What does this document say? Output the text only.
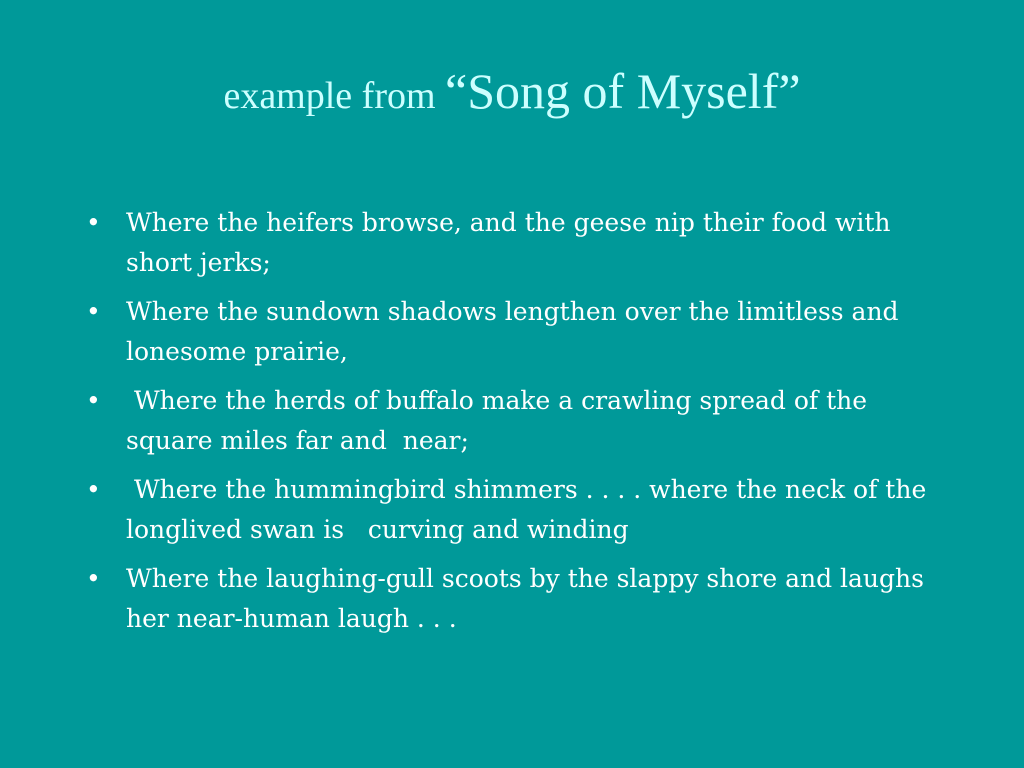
example from “Song of Myself”
• Where the heifers browse, and the geese nip their food with short jerks;
• Where the sundown shadows lengthen over the limitless and lonesome prairie,
• Where the herds of buffalo make a crawling spread of the square miles far and  near;
• Where the hummingbird shimmers . . . . where the neck of the longlived swan is   curving and winding
• Where the laughing-gull scoots by the slappy shore and laughs her near-human laugh . . .
